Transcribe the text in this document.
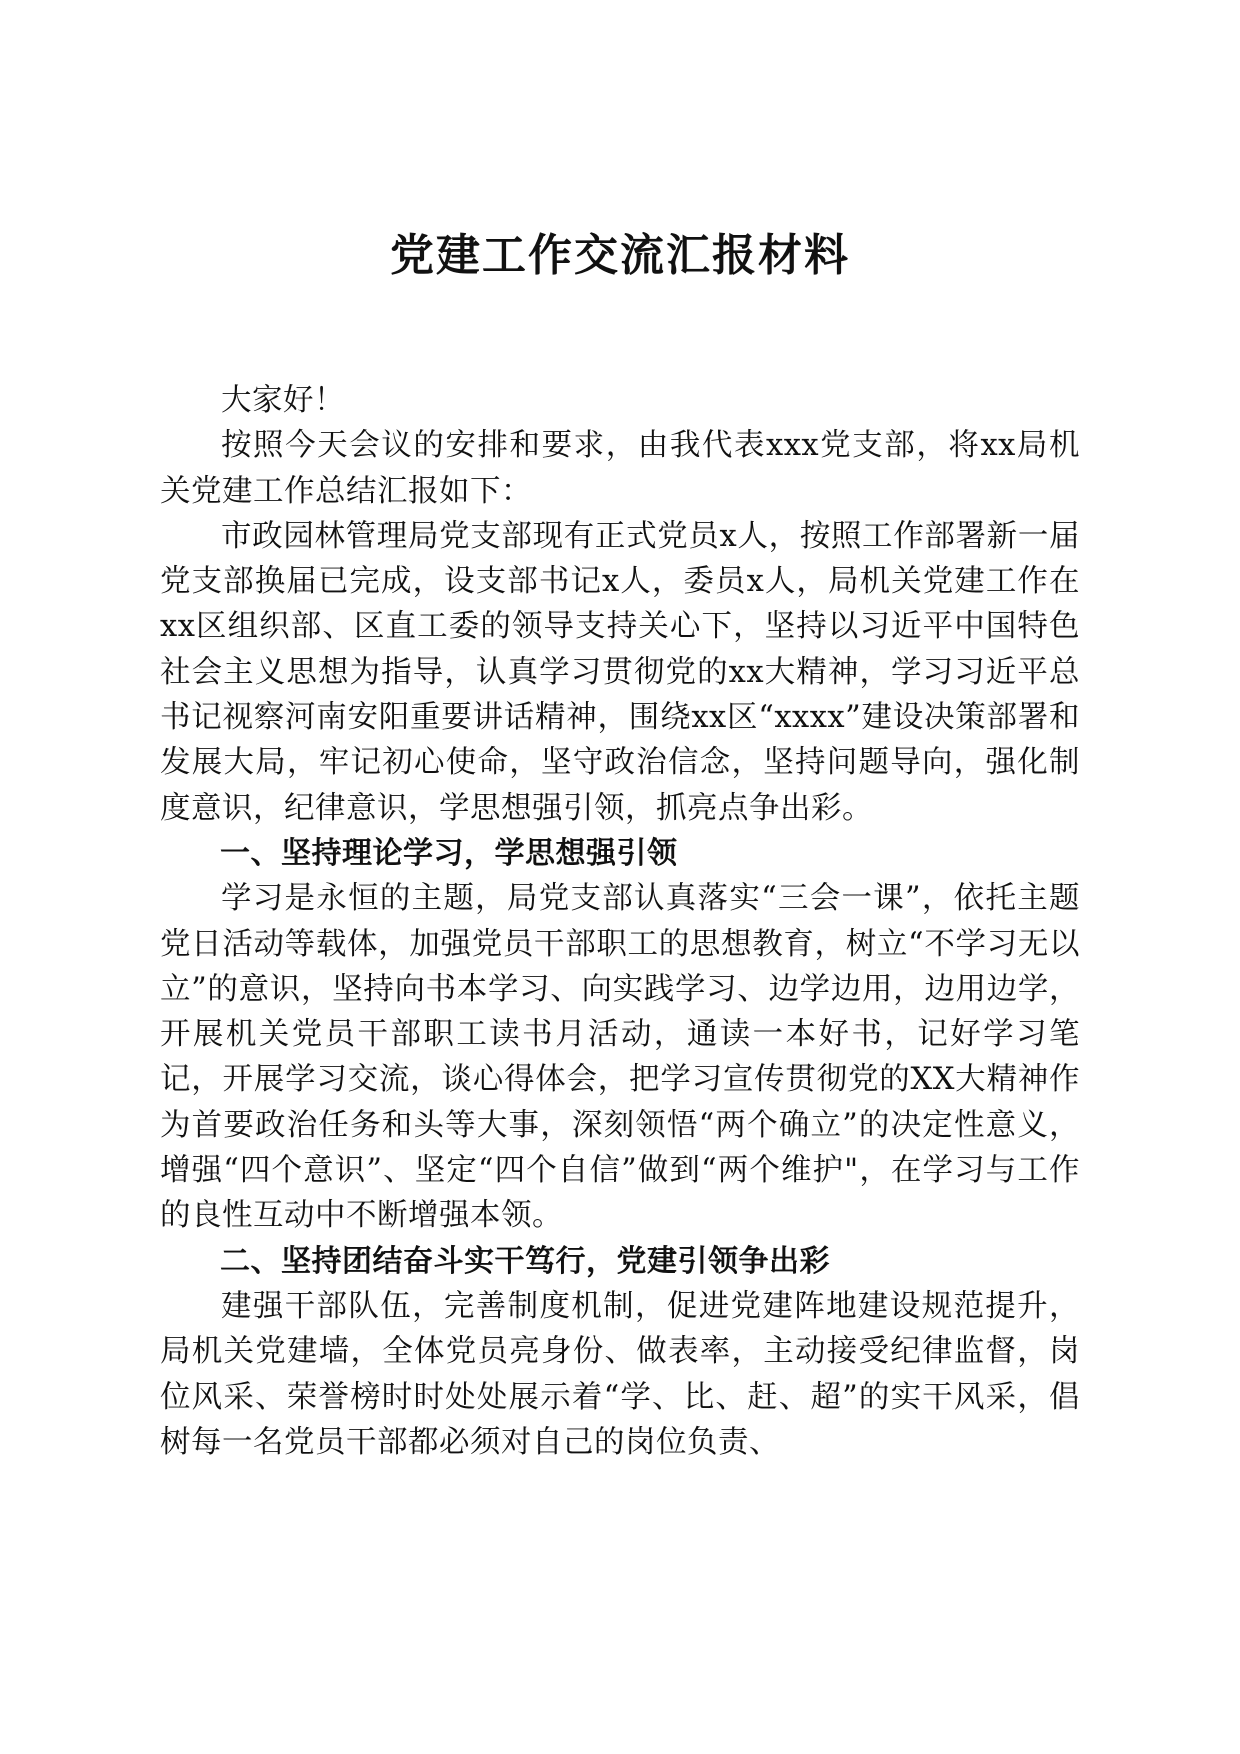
党建工作交流汇报材料

大家好！

按照今天会议的安排和要求，由我代表xxx党支部，将xx局机关党建工作总结汇报如下：

市政园林管理局党支部现有正式党员x人，按照工作部署新一届党支部换届已完成，设支部书记x人，委员x人，局机关党建工作在xx区组织部、区直工委的领导支持关心下，坚持以习近平中国特色社会主义思想为指导，认真学习贯彻党的xx大精神，学习习近平总书记视察河南安阳重要讲话精神，围绕xx区“xxxx”建设决策部署和发展大局，牢记初心使命，坚守政治信念，坚持问题导向，强化制度意识，纪律意识，学思想强引领，抓亮点争出彩。

一、坚持理论学习，学思想强引领

学习是永恒的主题，局党支部认真落实“三会一课”，依托主题党日活动等载体，加强党员干部职工的思想教育，树立“不学习无以立”的意识，坚持向书本学习、向实践学习、边学边用，边用边学，开展机关党员干部职工读书月活动，通读一本好书，记好学习笔记，开展学习交流，谈心得体会，把学习宣传贯彻党的XX大精神作为首要政治任务和头等大事，深刻领悟“两个确立”的决定性意义，增强“四个意识”、坚定“四个自信”做到“两个维护"，在学习与工作的良性互动中不断增强本领。

二、坚持团结奋斗实干笃行，党建引领争出彩

建强干部队伍，完善制度机制，促进党建阵地建设规范提升，局机关党建墙，全体党员亮身份、做表率，主动接受纪律监督，岗位风采、荣誉榜时时处处展示着“学、比、赶、超”的实干风采，倡树每一名党员干部都必须对自己的岗位负责、
